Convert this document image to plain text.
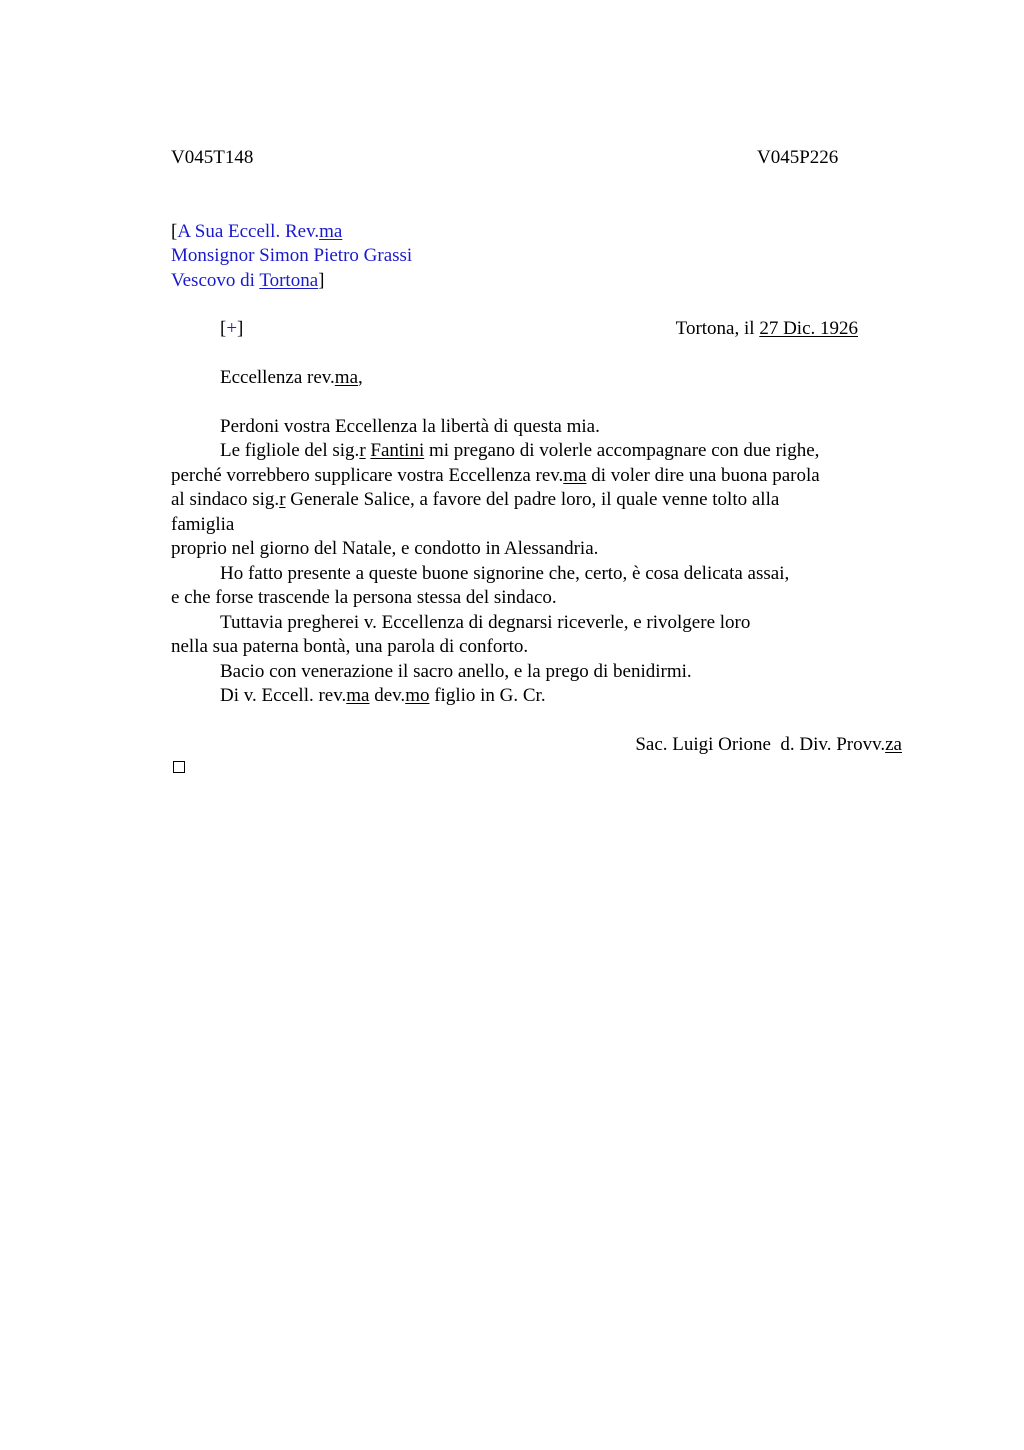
V045T148	V045P226
[A Sua Eccell. Rev.ma
Monsignor Simon Pietro Grassi
Vescovo di Tortona]
[+]	Tortona, il 27 Dic. 1926
Eccellenza rev.ma,
Perdoni vostra Eccellenza la libertà di questa mia.
Le figliole del sig.r Fantini mi pregano di volerle accompagnare con due righe,
perché vorrebbero supplicare vostra Eccellenza rev.ma di voler dire una buona parola
al sindaco sig.r Generale Salice, a favore del padre loro, il quale venne tolto alla
famiglia
proprio nel giorno del Natale, e condotto in Alessandria.
Ho fatto presente a queste buone signorine che, certo, è cosa delicata assai,
e che forse trascende la persona stessa del sindaco.
Tuttavia pregherei v. Eccellenza di degnarsi riceverle, e rivolgere loro
nella sua paterna bontà, una parola di conforto.
Bacio con venerazione il sacro anello, e la prego di benidirmi.
Di v. Eccell. rev.ma dev.mo figlio in G. Cr.
Sac. Luigi Orione  d. Div. Provv.za
